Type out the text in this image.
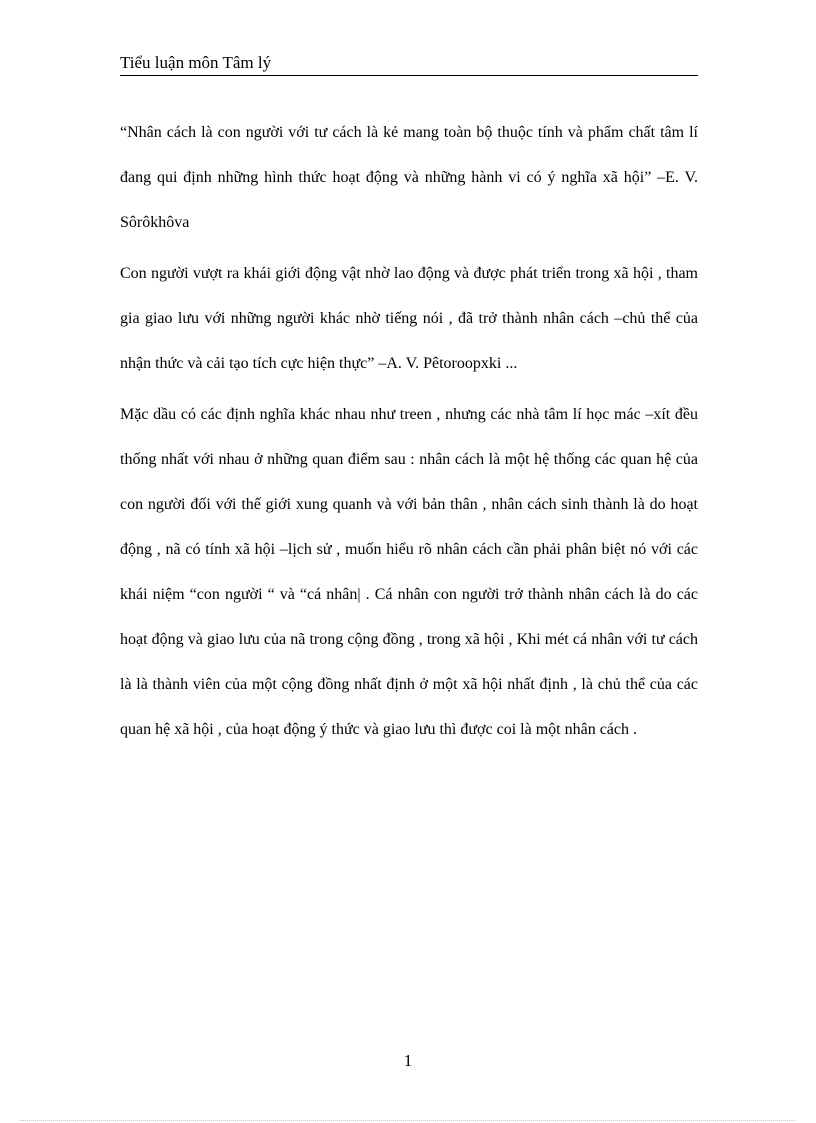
Tiểu luận môn Tâm lý

“Nhân cách là con người với tư cách là kẻ mang toàn bộ thuộc tính và phẩm chất tâm lí đang qui định những hình thức hoạt động và những hành vi có ý nghĩa xã hội” –E. V. Sôrôkhôva

Con người vượt ra khái giới động vật nhờ lao động và được phát triển trong xã hội , tham gia giao lưu với những người khác nhờ tiếng nói , đã trở thành nhân cách –chủ thể của nhận thức và cải tạo tích cực hiện thực” –A. V. Pêtoroopxki ...

Mặc dầu có các định nghĩa khác nhau như treen , nhưng các nhà tâm lí học mác –xít đều thống nhất với nhau ở những quan điểm sau : nhân cách là một hệ thống các quan hệ của con người đối với thế giới xung quanh và với bản thân , nhân cách sinh thành là do hoạt động , nã có tính xã hội –lịch sử , muốn hiểu rõ nhân cách cần phải phân biệt nó với các khái niệm “con người “ và “cá nhân| . Cá nhân con người trở thành nhân cách là do các hoạt động và giao lưu của nã trong cộng đồng , trong xã hội , Khi mét cá nhân với tư cách là là thành viên của một cộng đồng nhất định ở một xã hội nhất định , là chủ thể của các quan hệ xã hội , của hoạt động ý thức và giao lưu thì được coi là một nhân cách .

1
